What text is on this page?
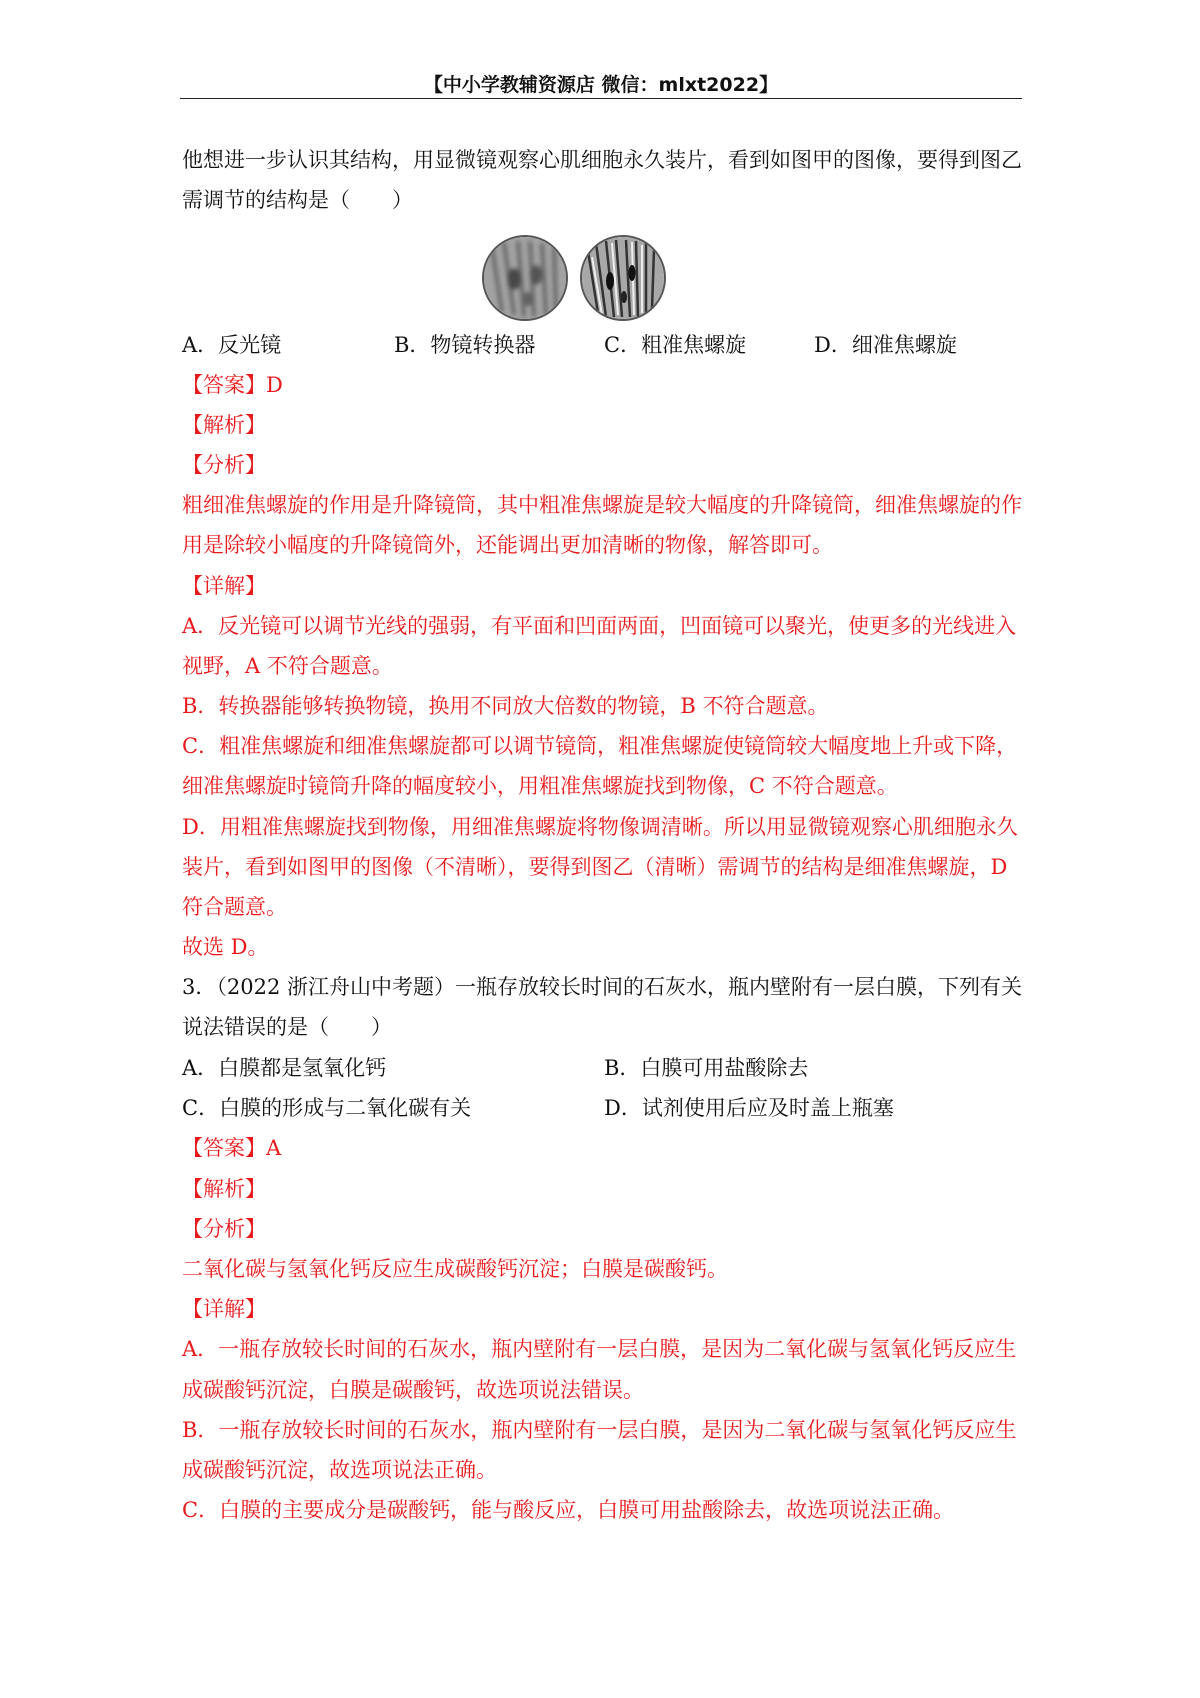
【中小学教辅资源店 微信：mlxt2022】
他想进一步认识其结构，用显微镜观察心肌细胞永久装片，看到如图甲的图像，要得到图乙
需调节的结构是（　　）
A．反光镜	B．物镜转换器	C．粗准焦螺旋	D．细准焦螺旋
【答案】D
【解析】
【分析】
粗细准焦螺旋的作用是升降镜筒，其中粗准焦螺旋是较大幅度的升降镜筒，细准焦螺旋的作
用是除较小幅度的升降镜筒外，还能调出更加清晰的物像，解答即可。
【详解】
A．反光镜可以调节光线的强弱，有平面和凹面两面，凹面镜可以聚光，使更多的光线进入
视野，A 不符合题意。
B．转换器能够转换物镜，换用不同放大倍数的物镜，B 不符合题意。
C．粗准焦螺旋和细准焦螺旋都可以调节镜筒，粗准焦螺旋使镜筒较大幅度地上升或下降，
细准焦螺旋时镜筒升降的幅度较小，用粗准焦螺旋找到物像，C 不符合题意。
D．用粗准焦螺旋找到物像，用细准焦螺旋将物像调清晰。所以用显微镜观察心肌细胞永久
装片，看到如图甲的图像（不清晰），要得到图乙（清晰）需调节的结构是细准焦螺旋，D
符合题意。
故选 D。
3．（2022 浙江舟山中考题）一瓶存放较长时间的石灰水，瓶内壁附有一层白膜，下列有关
说法错误的是（　　）
A．白膜都是氢氧化钙	B．白膜可用盐酸除去
C．白膜的形成与二氧化碳有关	D．试剂使用后应及时盖上瓶塞
【答案】A
【解析】
【分析】
二氧化碳与氢氧化钙反应生成碳酸钙沉淀；白膜是碳酸钙。
【详解】
A．一瓶存放较长时间的石灰水，瓶内壁附有一层白膜，是因为二氧化碳与氢氧化钙反应生
成碳酸钙沉淀，白膜是碳酸钙，故选项说法错误。
B．一瓶存放较长时间的石灰水，瓶内壁附有一层白膜，是因为二氧化碳与氢氧化钙反应生
成碳酸钙沉淀，故选项说法正确。
C．白膜的主要成分是碳酸钙，能与酸反应，白膜可用盐酸除去，故选项说法正确。
